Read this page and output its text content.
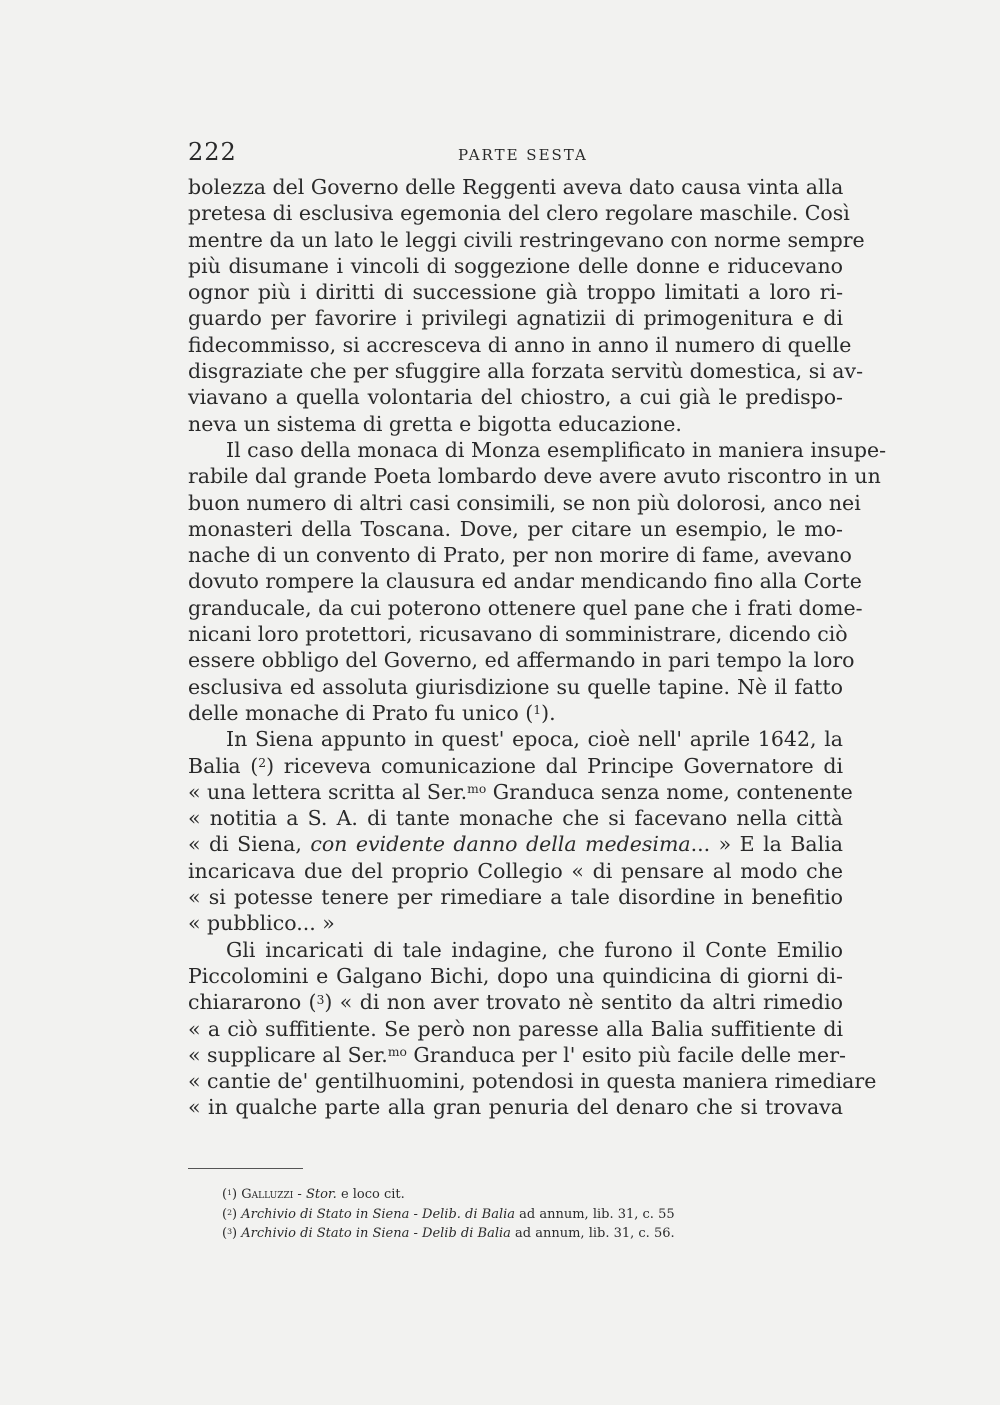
222	PARTE SESTA
bolezza del Governo delle Reggenti aveva dato causa vinta alla
pretesa di esclusiva egemonia del clero regolare maschile. Così
mentre da un lato le leggi civili restringevano con norme sempre
più disumane i vincoli di soggezione delle donne e riducevano
ognor più i diritti di successione già troppo limitati a loro ri-
guardo per favorire i privilegi agnatizii di primogenitura e di
fidecommisso, si accresceva di anno in anno il numero di quelle
disgraziate che per sfuggire alla forzata servitù domestica, si av-
viavano a quella volontaria del chiostro, a cui già le predispo-
neva un sistema di gretta e bigotta educazione.
Il caso della monaca di Monza esemplificato in maniera insupe-
rabile dal grande Poeta lombardo deve avere avuto riscontro in un
buon numero di altri casi consimili, se non più dolorosi, anco nei
monasteri della Toscana. Dove, per citare un esempio, le mo-
nache di un convento di Prato, per non morire di fame, avevano
dovuto rompere la clausura ed andar mendicando fino alla Corte
granducale, da cui poterono ottenere quel pane che i frati dome-
nicani loro protettori, ricusavano di somministrare, dicendo ciò
essere obbligo del Governo, ed affermando in pari tempo la loro
esclusiva ed assoluta giurisdizione su quelle tapine. Nè il fatto
delle monache di Prato fu unico ($^1$).
In Siena appunto in quest' epoca, cioè nell' aprile 1642, la
Balia ($^2$) riceveva comunicazione dal Principe Governatore di
« una lettera scritta al Ser.$^{mo}$ Granduca senza nome, contenente
« notitia a S. A. di tante monache che si facevano nella città
« di Siena, con evidente danno della medesima... » E la Balia
incaricava due del proprio Collegio « di pensare al modo che
« si potesse tenere per rimediare a tale disordine in benefitio
« pubblico... »
Gli incaricati di tale indagine, che furono il Conte Emilio
Piccolomini e Galgano Bichi, dopo una quindicina di giorni di-
chiararono ($^3$) « di non aver trovato nè sentito da altri rimedio
« a ciò suffitiente. Se però non paresse alla Balia suffitiente di
« supplicare al Ser.$^{mo}$ Granduca per l' esito più facile delle mer-
« cantie de' gentilhuomini, potendosi in questa maniera rimediare
« in qualche parte alla gran penuria del denaro che si trovava
($^1$) Galluzzi - Stor. e loco cit.
($^2$) Archivio di Stato in Siena - Delib. di Balia ad annum, lib. 31, c. 55
($^3$) Archivio di Stato in Siena - Delib di Balia ad annum, lib. 31, c. 56.
